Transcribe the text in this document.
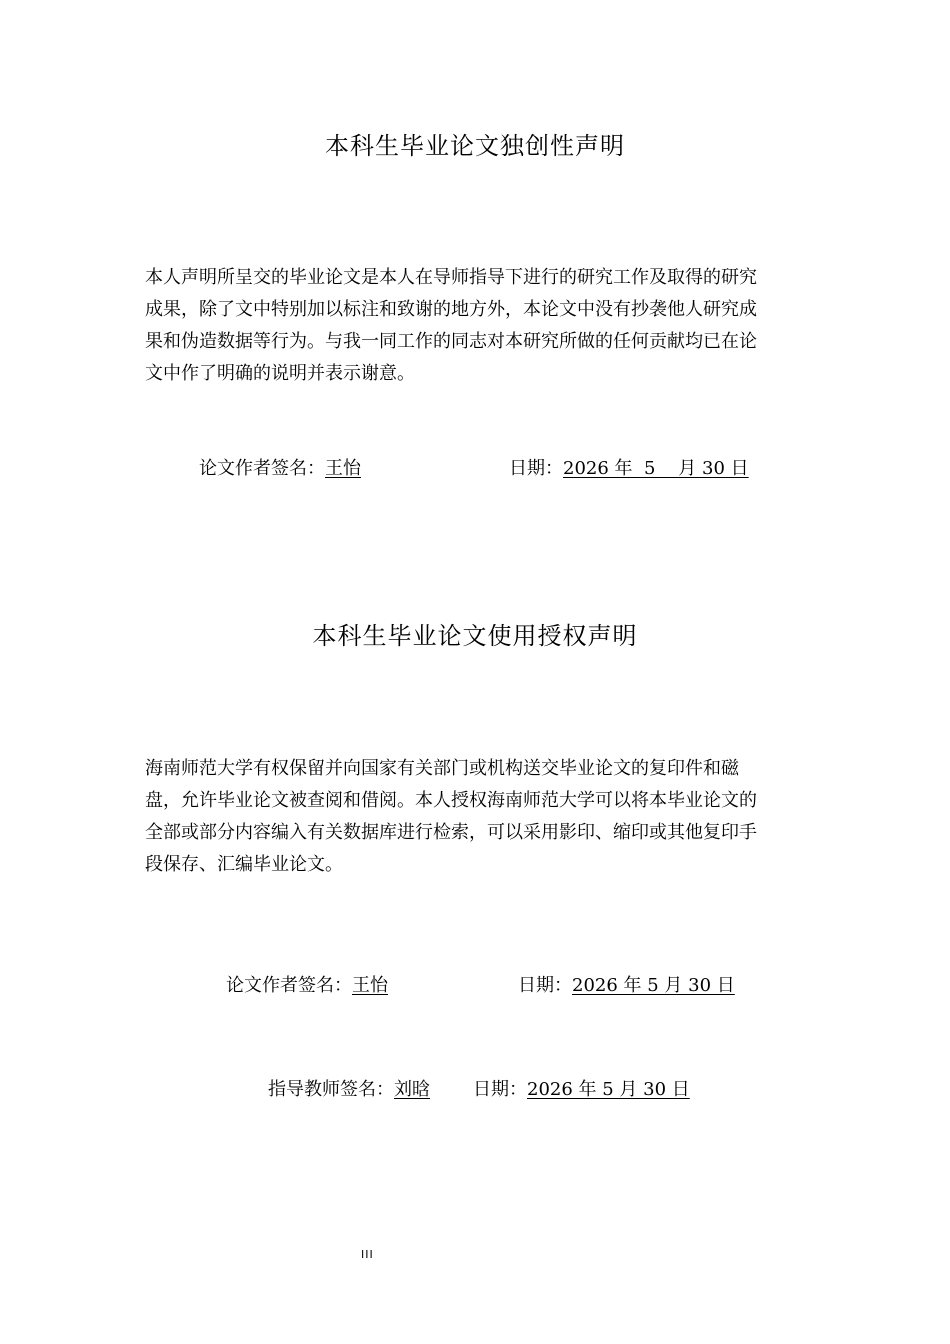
本科生毕业论文独创性声明
本人声明所呈交的毕业论文是本人在导师指导下进行的研究工作及取得的研究
成果，除了文中特别加以标注和致谢的地方外，本论文中没有抄袭他人研究成
果和伪造数据等行为。与我一同工作的同志对本研究所做的任何贡献均已在论
文中作了明确的说明并表示谢意。
论文作者签名：王怡	日期：2026 年  5    月 30 日
本科生毕业论文使用授权声明
海南师范大学有权保留并向国家有关部门或机构送交毕业论文的复印件和磁
盘，允许毕业论文被查阅和借阅。本人授权海南师范大学可以将本毕业论文的
全部或部分内容编入有关数据库进行检索，可以采用影印、缩印或其他复印手
段保存、汇编毕业论文。
论文作者签名：王怡	日期：2026 年 5 月 30 日
指导教师签名：刘晗 日期：2026 年 5 月 30 日
III
